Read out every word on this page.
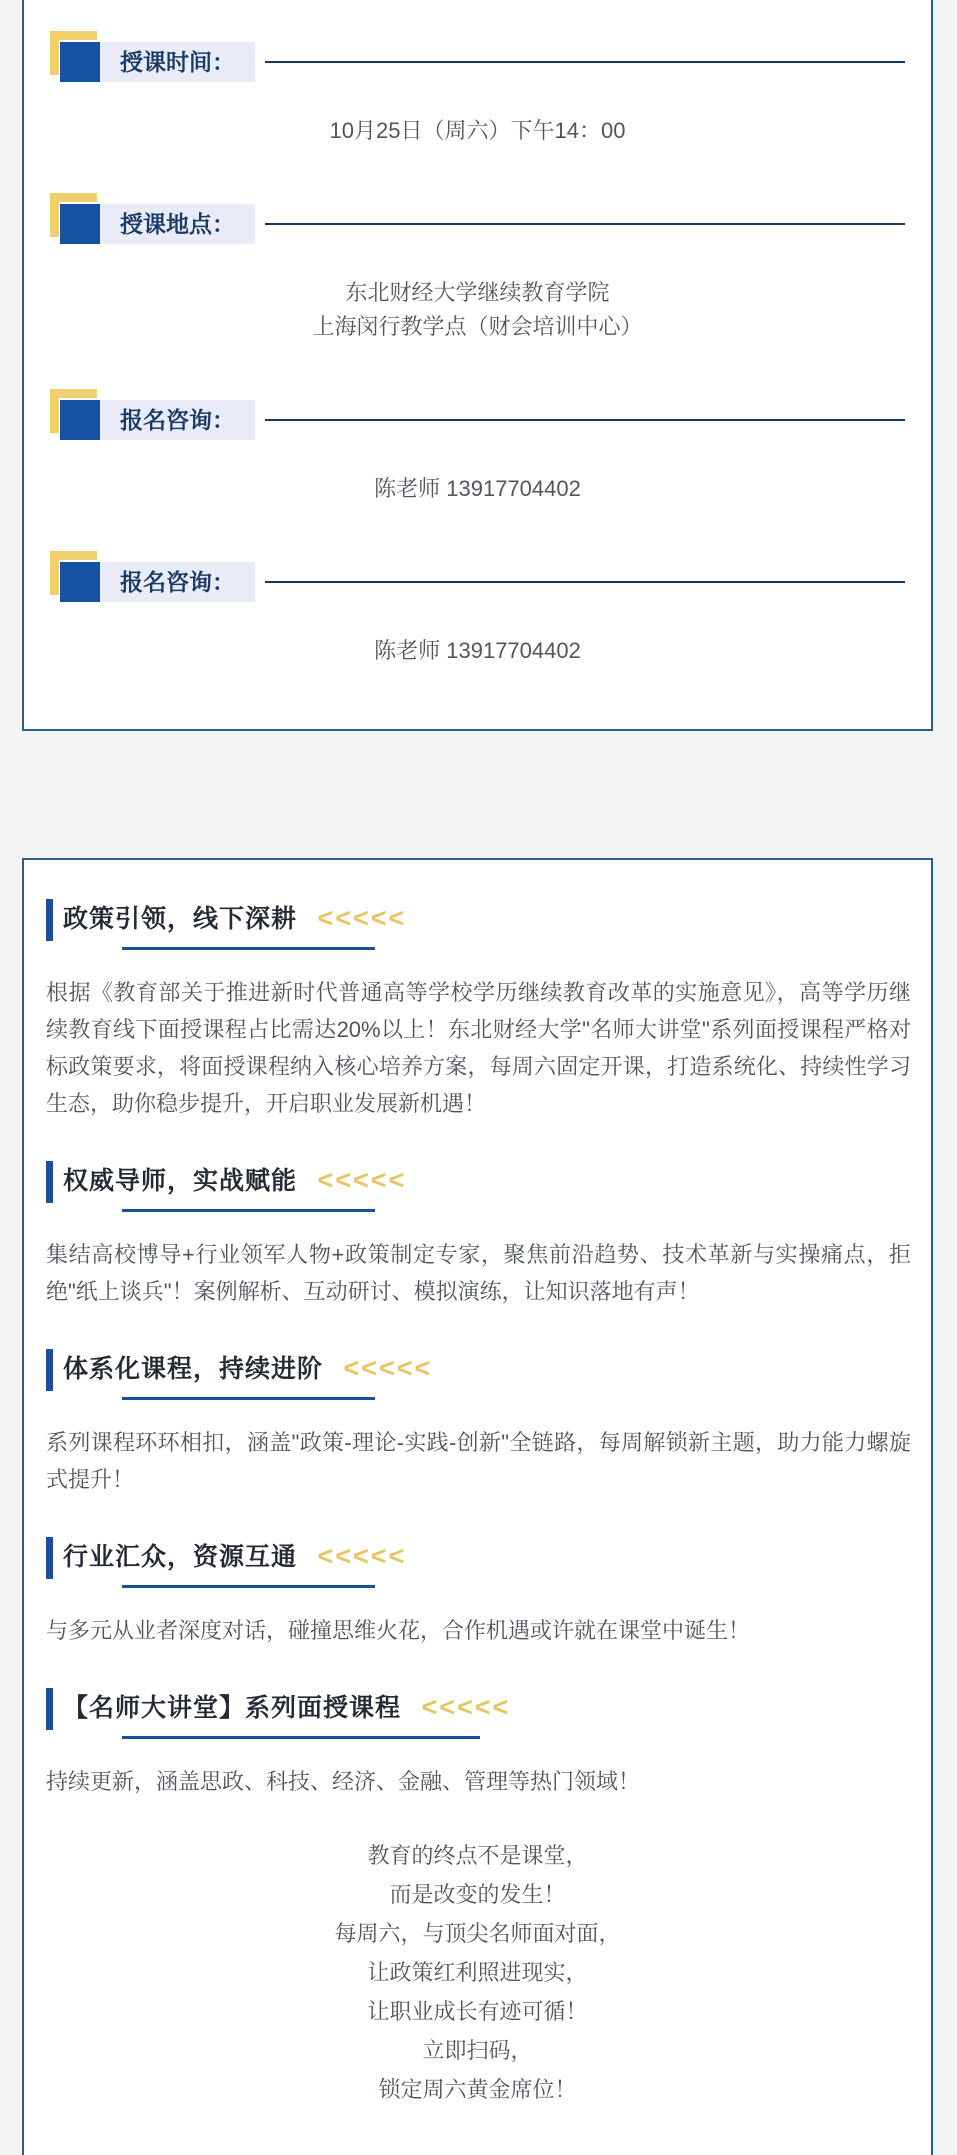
授课时间：
10月25日（周六）下午14：00
授课地点：
东北财经大学继续教育学院
上海闵行教学点（财会培训中心）
报名咨询：
陈老师 13917704402
报名咨询：
陈老师 13917704402
政策引领，线下深耕 <<<<<

根据《教育部关于推进新时代普通高等学校学历继续教育改革的实施意见》，高等学历继续教育线下面授课程占比需达20%以上！东北财经大学"名师大讲堂"系列面授课程严格对标政策要求，将面授课程纳入核心培养方案，每周六固定开课，打造系统化、持续性学习生态，助你稳步提升，开启职业发展新机遇！

权威导师，实战赋能 <<<<<

集结高校博导+行业领军人物+政策制定专家，聚焦前沿趋势、技术革新与实操痛点，拒绝"纸上谈兵"！案例解析、互动研讨、模拟演练，让知识落地有声！

体系化课程，持续进阶 <<<<<

系列课程环环相扣，涵盖"政策-理论-实践-创新"全链路，每周解锁新主题，助力能力螺旋式提升！

行业汇众，资源互通 <<<<<

与多元从业者深度对话，碰撞思维火花，合作机遇或许就在课堂中诞生！

【名师大讲堂】系列面授课程 <<<<<

持续更新，涵盖思政、科技、经济、金融、管理等热门领域！

教育的终点不是课堂，
而是改变的发生！
每周六，与顶尖名师面对面，
让政策红利照进现实，
让职业成长有迹可循！
立即扫码，
锁定周六黄金席位！
